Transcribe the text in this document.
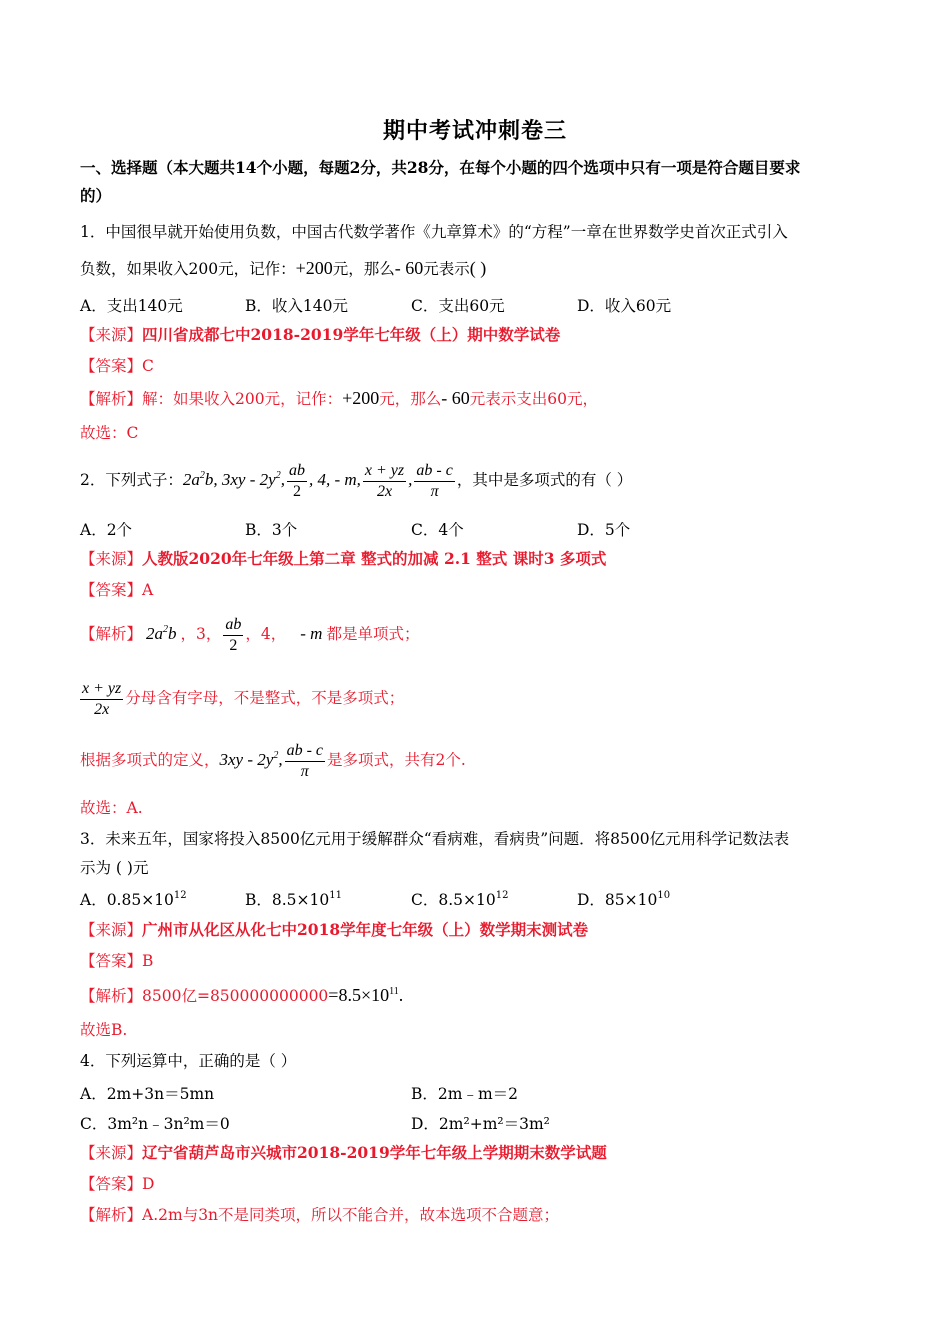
期中考试冲刺卷三
一、选择题（本大题共14个小题，每题2分，共28分，在每个小题的四个选项中只有一项是符合题目要求
的）
1．中国很早就开始使用负数，中国古代数学著作《九章算术》的“方程”一章在世界数学史首次正式引入
负数，如果收入200元，记作：+200元，那么- 60元表示( )
A．支出140元	B．收入140元	C．支出60元	D．收入60元
【来源】四川省成都七中2018-2019学年七年级（上）期中数学试卷
【答案】C
【解析】解：如果收入200元，记作：+200元，那么- 60元表示支出60元，
故选：C
2．下列式子：$2a^2b$, $3xy - 2y^2$, $\frac{ab}{2}$ , 4, - m, $\frac{x + yz}{2x}$ , $\frac{ab - c}{\pi}$ ，其中是多项式的有（ ）
A．2个	B．3个	C．4个	D．5个
【来源】人教版2020年七年级上第二章 整式的加减 2.1 整式 课时3 多项式
【答案】A
【解析】 $2a^2b$ ，3， $\frac{ab}{2}$ ，4， - m 都是单项式；
$\frac{x + yz}{2x}$ 分母含有字母，不是整式，不是多项式；
根据多项式的定义，$3xy - 2y^2$, $\frac{ab - c}{\pi}$ 是多项式，共有2个.
故选：A.
3．未来五年，国家将投入8500亿元用于缓解群众“看病难，看病贵”问题．将8500亿元用科学记数法表
示为 ( )元
A．$0.85\times 10^{12}$	B．$8.5\times 10^{11}$	C．$8.5\times 10^{12}$	D．$85\times 10^{10}$
【来源】广州市从化区从化七中2018学年度七年级（上）数学期末测试卷
【答案】B
【解析】8500亿$=850000000000=8.5\times 10^{11}$.
故选B.
4．下列运算中，正确的是（ ）
A．2m+3n＝5mn	B．2m﹣m＝2
C．3m²n﹣3n²m＝0	D．2m²+m²＝3m²
【来源】辽宁省葫芦岛市兴城市2018-2019学年七年级上学期期末数学试题
【答案】D
【解析】A.2m与3n不是同类项，所以不能合并，故本选项不合题意；
